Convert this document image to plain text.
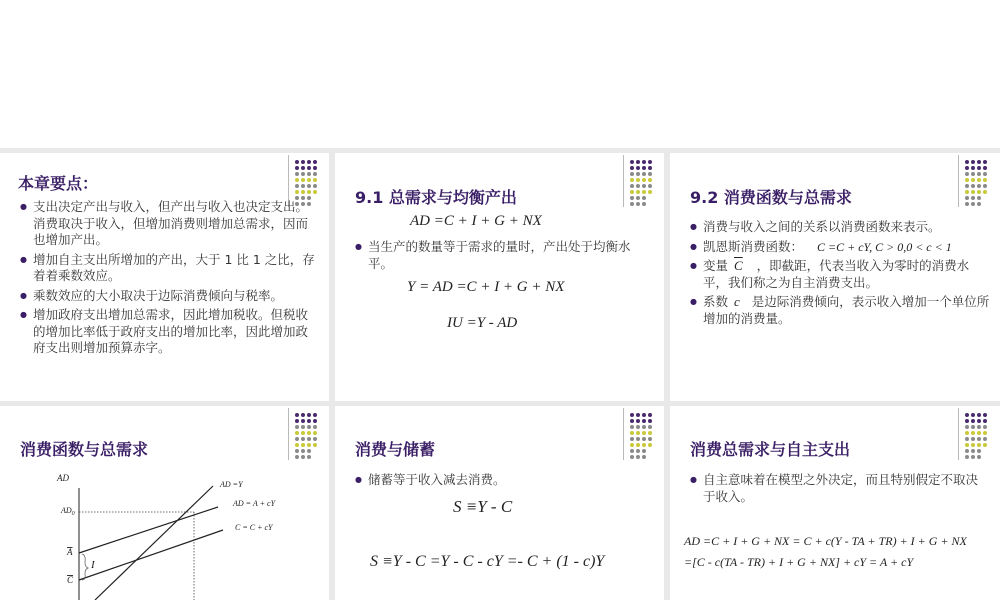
本章要点：
● 支出决定产出与收入，但产出与收入也决定支出。消费取决于收入，但增加消费则增加总需求，因而也增加产出。
● 增加自主支出所增加的产出，大于 1 比 1 之比，存着着乘数效应。
● 乘数效应的大小取决于边际消费倾向与税率。
● 增加政府支出增加总需求，因此增加税收。但税收的增加比率低于政府支出的增加比率，因此增加政府支出则增加预算赤字。
9.1 总需求与均衡产出
AD =C + I + G + NX
● 当生产的数量等于需求的量时，产出处于均衡水平。
Y = AD =C + I + G + NX
IU =Y - AD
9.2 消费函数与总需求
● 消费与收入之间的关系以消费函数来表示。
● 凯恩斯消费函数： C =C + cY, C > 0,0 < c < 1
● 变量 $\overline{C}$ ，即截距，代表当收入为零时的消费水平，我们称之为自主消费支出。
● 系数 c 是边际消费倾向，表示收入增加一个单位所增加的消费量。
消费函数与总需求
AD
$AD_0$
AD =Y
AD = A + cY
C = C + cY
A
C
I
消费与储蓄
● 储蓄等于收入减去消费。
S ≡Y - C
S ≡Y - C =Y - C - cY =- C + (1 - c)Y
消费总需求与自主支出
● 自主意味着在模型之外决定，而且特别假定不取决于收入。
AD =C + I + G + NX = C + c(Y - TA + TR) + I + G + NX
=[C - c(TA - TR) + I + G + NX] + cY = A + cY
